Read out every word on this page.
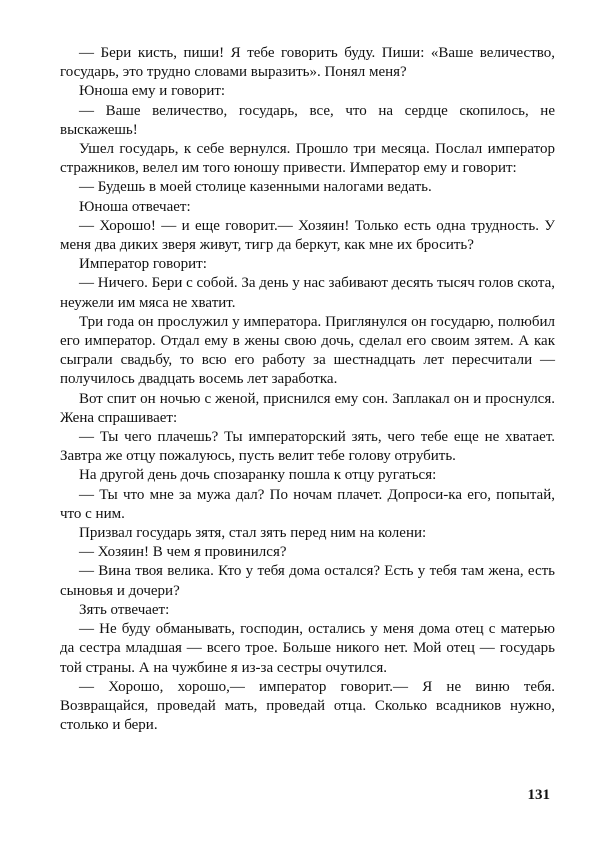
— Бери кисть, пиши! Я тебе говорить буду. Пиши: «Ваше величество, государь, это трудно словами выразить». Понял меня?

Юноша ему и говорит:

— Ваше величество, государь, все, что на сердце скопилось, не выскажешь!

Ушел государь, к себе вернулся. Прошло три месяца. Послал император стражников, велел им того юношу привести. Император ему и говорит:

— Будешь в моей столице казенными налогами ведать.

Юноша отвечает:

— Хорошо! — и еще говорит.— Хозяин! Только есть одна трудность. У меня два диких зверя живут, тигр да беркут, как мне их бросить?

Император говорит:

— Ничего. Бери с собой. За день у нас забивают десять тысяч голов скота, неужели им мяса не хватит.

Три года он прослужил у императора. Приглянулся он государю, полюбил его император. Отдал ему в жены свою дочь, сделал его своим зятем. А как сыграли свадьбу, то всю его работу за шестнадцать лет пересчитали — получилось двадцать восемь лет заработка.

Вот спит он ночью с женой, приснился ему сон. Заплакал он и проснулся. Жена спрашивает:

— Ты чего плачешь? Ты императорский зять, чего тебе еще не хватает. Завтра же отцу пожалуюсь, пусть велит тебе голову отрубить.

На другой день дочь спозаранку пошла к отцу ругаться:

— Ты что мне за мужа дал? По ночам плачет. Допроси-ка его, попытай, что с ним.

Призвал государь зятя, стал зять перед ним на колени:

— Хозяин! В чем я провинился?

— Вина твоя велика. Кто у тебя дома остался? Есть у тебя там жена, есть сыновья и дочери?

Зять отвечает:

— Не буду обманывать, господин, остались у меня дома отец с матерью да сестра младшая — всего трое. Больше никого нет. Мой отец — государь той страны. А на чужбине я из-за сестры очутился.

— Хорошо, хорошо,— император говорит.— Я не виню тебя. Возвращайся, проведай мать, проведай отца. Сколько всадников нужно, столько и бери.

131
